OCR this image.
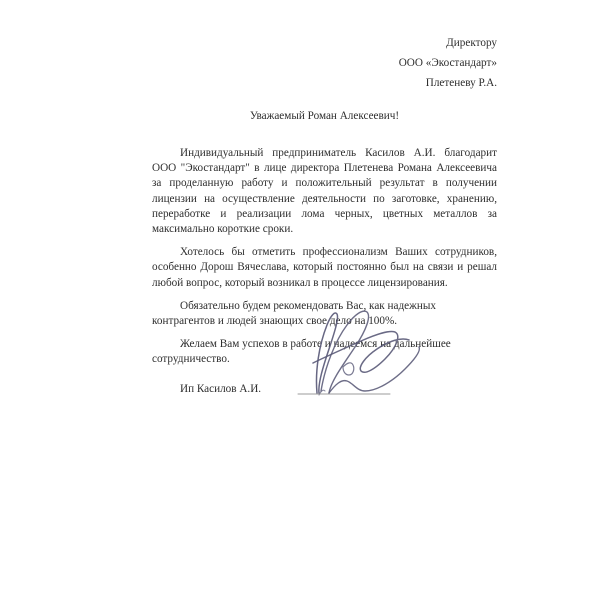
Директору
ООО «Экостандарт»
Плетеневу Р.А.
Уважаемый Роман Алексеевич!

Индивидуальный предприниматель Касилов А.И. благодарит ООО "Экостандарт" в лице директора Плетенева Романа Алексеевича за проделанную работу и положительный результат в получении лицензии на осуществление деятельности по заготовке, хранению, переработке и реализации лома черных, цветных металлов за максимально короткие сроки.

Хотелось бы отметить профессионализм Ваших сотрудников, особенно Дорош Вячеслава, который постоянно был на связи и решал любой вопрос, который возникал в процессе лицензирования.

Обязательно будем рекомендовать Вас, как надежных контрагентов и людей знающих свое дело на 100%.

Желаем Вам успехов в работе и надеемся на дальнейшее сотрудничество.

Ип Касилов А.И.
